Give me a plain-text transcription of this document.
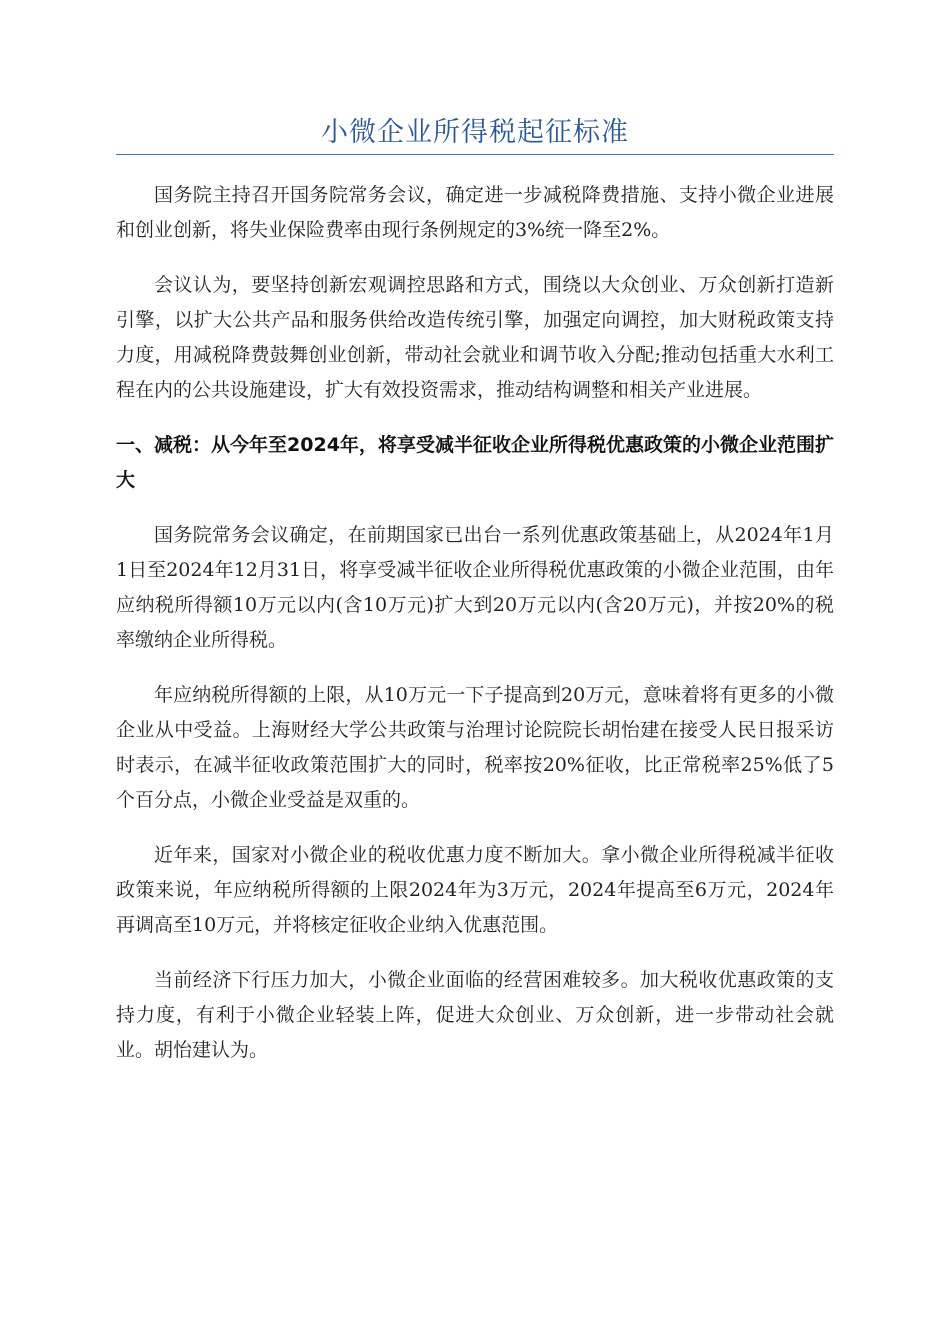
小微企业所得税起征标准

国务院主持召开国务院常务会议，确定进一步减税降费措施、支持小微企业进展和创业创新，将失业保险费率由现行条例规定的3%统一降至2%。

会议认为，要坚持创新宏观调控思路和方式，围绕以大众创业、万众创新打造新引擎，以扩大公共产品和服务供给改造传统引擎，加强定向调控，加大财税政策支持力度，用减税降费鼓舞创业创新，带动社会就业和调节收入分配;推动包括重大水利工程在内的公共设施建设，扩大有效投资需求，推动结构调整和相关产业进展。

一、减税：从今年至2024年，将享受减半征收企业所得税优惠政策的小微企业范围扩大

国务院常务会议确定，在前期国家已出台一系列优惠政策基础上，从2024年1月1日至2024年12月31日，将享受减半征收企业所得税优惠政策的小微企业范围，由年应纳税所得额10万元以内(含10万元)扩大到20万元以内(含20万元)，并按20%的税率缴纳企业所得税。

年应纳税所得额的上限，从10万元一下子提高到20万元，意味着将有更多的小微企业从中受益。上海财经大学公共政策与治理讨论院院长胡怡建在接受人民日报采访时表示，在减半征收政策范围扩大的同时，税率按20%征收，比正常税率25%低了5个百分点，小微企业受益是双重的。

近年来，国家对小微企业的税收优惠力度不断加大。拿小微企业所得税减半征收政策来说，年应纳税所得额的上限2024年为3万元，2024年提高至6万元，2024年再调高至10万元，并将核定征收企业纳入优惠范围。

当前经济下行压力加大，小微企业面临的经营困难较多。加大税收优惠政策的支持力度，有利于小微企业轻装上阵，促进大众创业、万众创新，进一步带动社会就业。胡怡建认为。
